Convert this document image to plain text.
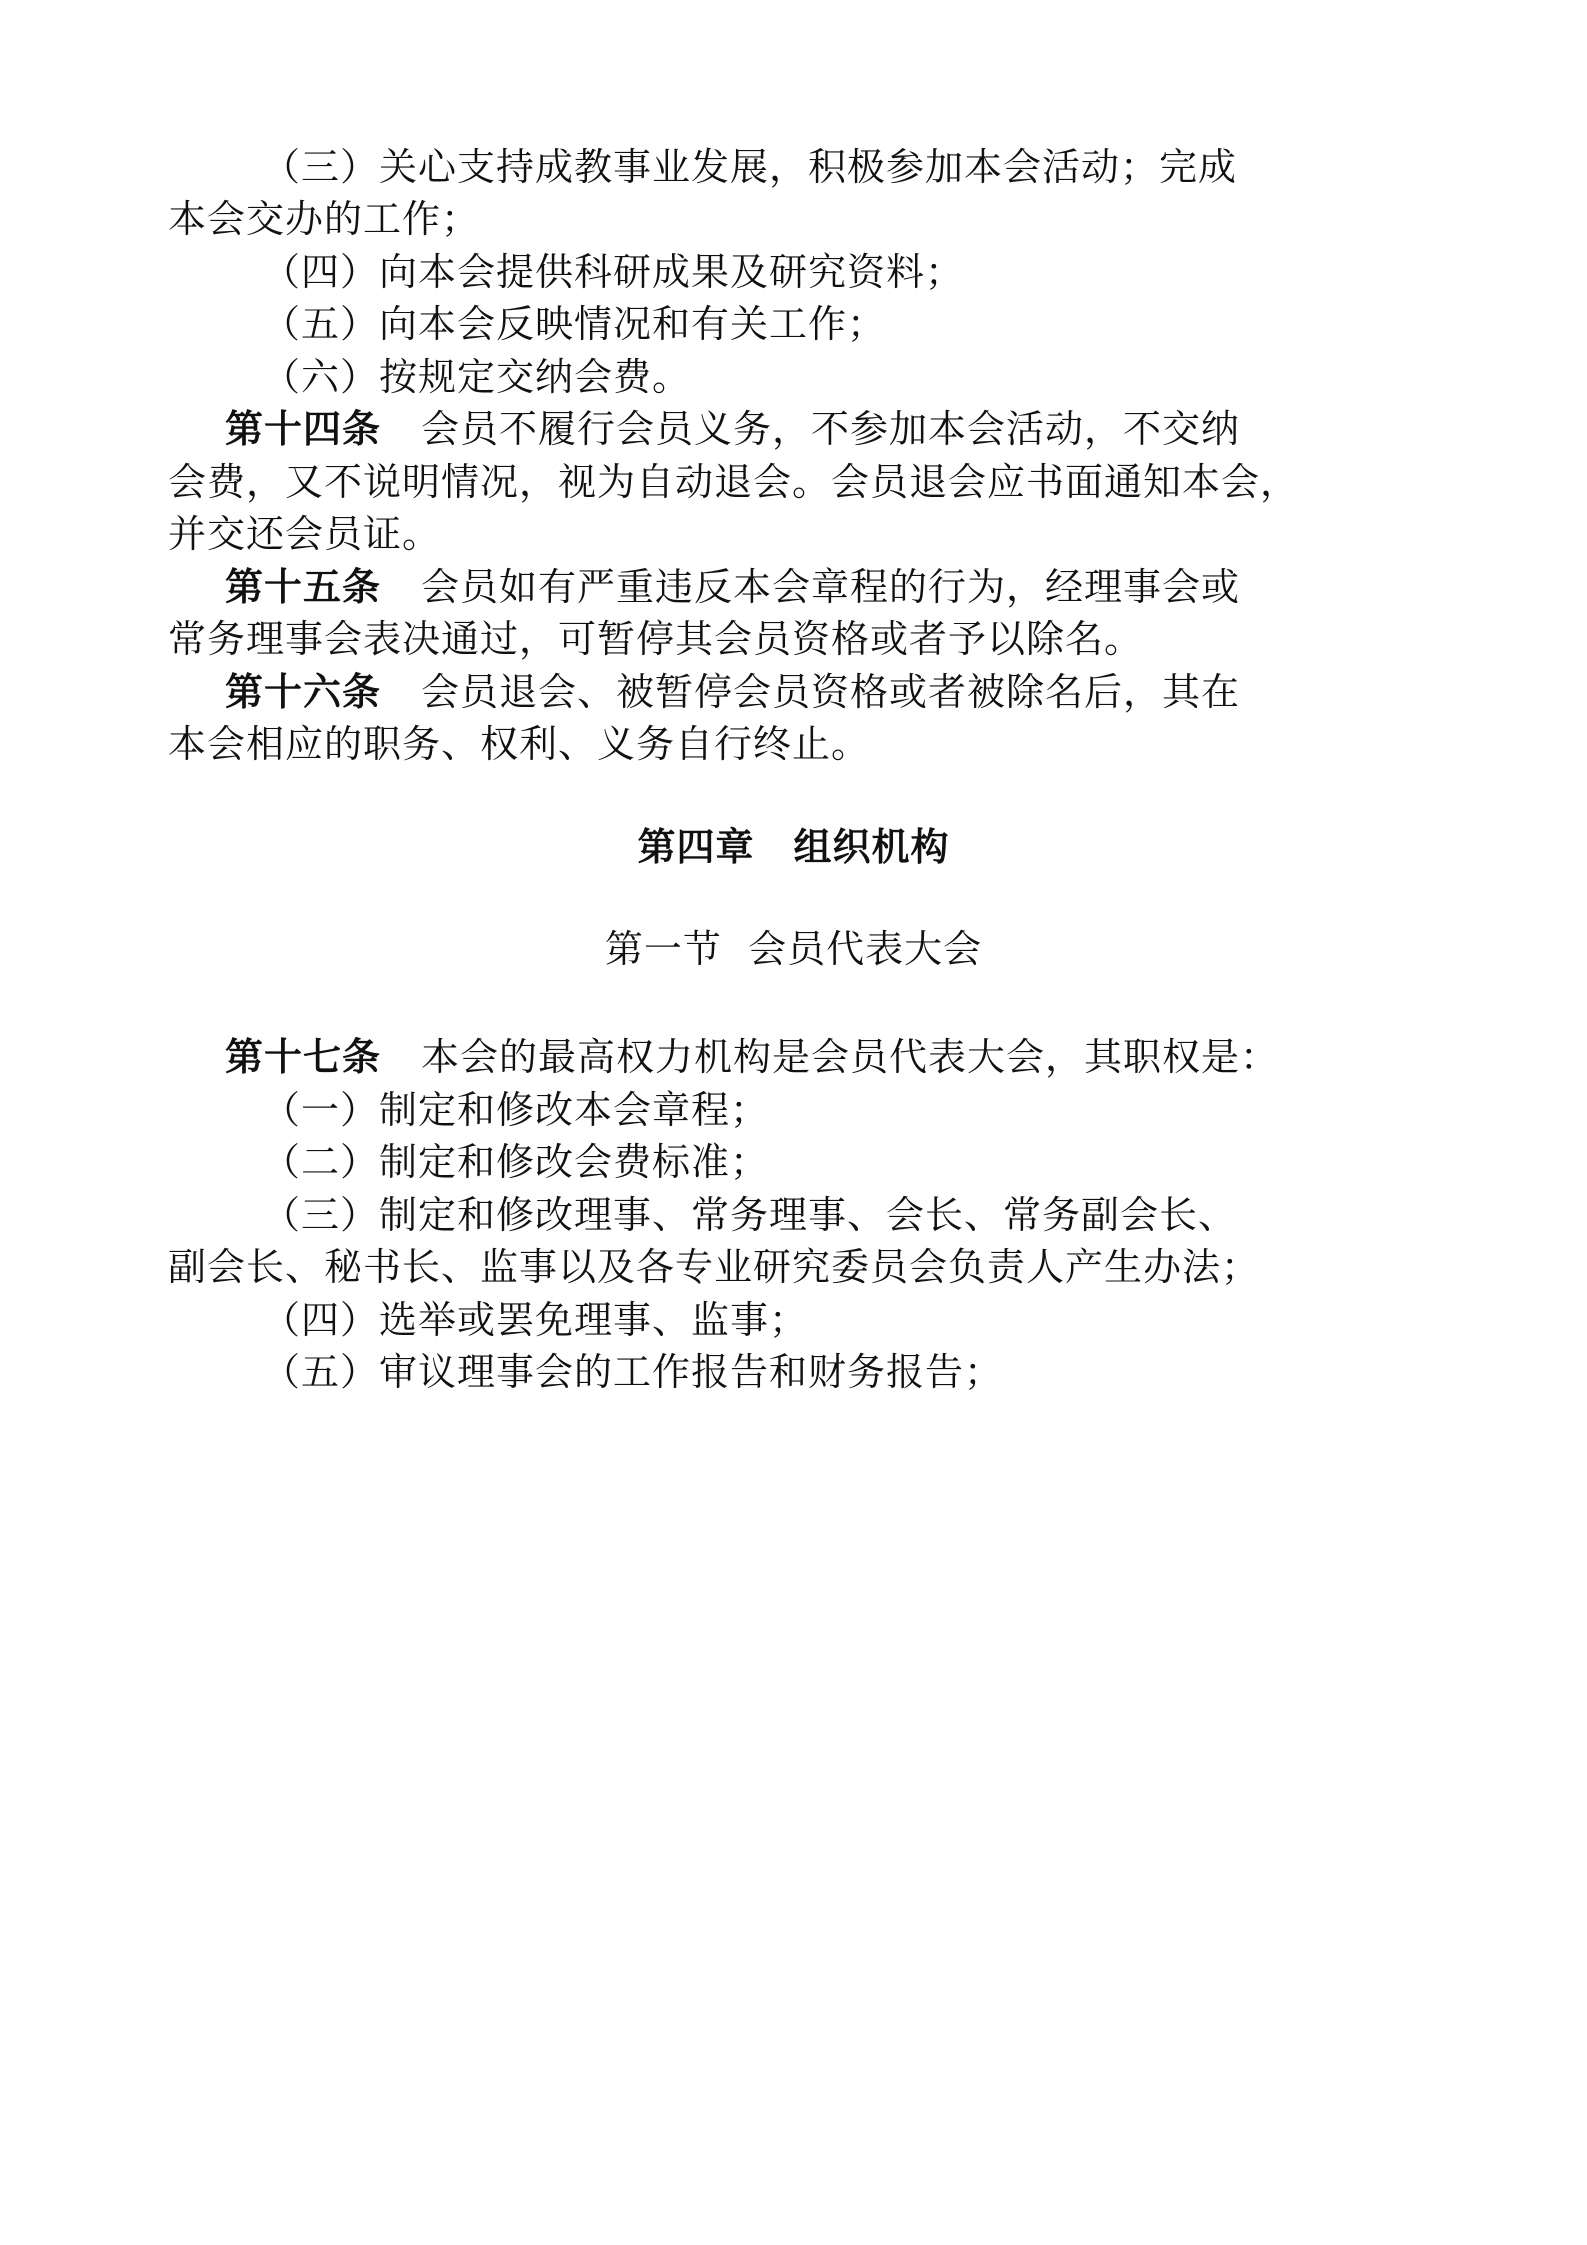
（三）关心支持成教事业发展，积极参加本会活动；完成
本会交办的工作；
（四）向本会提供科研成果及研究资料；
（五）向本会反映情况和有关工作；
（六）按规定交纳会费。
第十四条 会员不履行会员义务，不参加本会活动，不交纳
会费，又不说明情况，视为自动退会。会员退会应书面通知本会，
并交还会员证。
第十五条 会员如有严重违反本会章程的行为，经理事会或
常务理事会表决通过，可暂停其会员资格或者予以除名。
第十六条 会员退会、被暂停会员资格或者被除名后，其在
本会相应的职务、权利、义务自行终止。
第四章　组织机构
第一节  会员代表大会
第十七条 本会的最高权力机构是会员代表大会，其职权是：
（一）制定和修改本会章程；
（二）制定和修改会费标准；
（三）制定和修改理事、常务理事、会长、常务副会长、
副会长、秘书长、监事以及各专业研究委员会负责人产生办法；
（四）选举或罢免理事、监事；
（五）审议理事会的工作报告和财务报告；
